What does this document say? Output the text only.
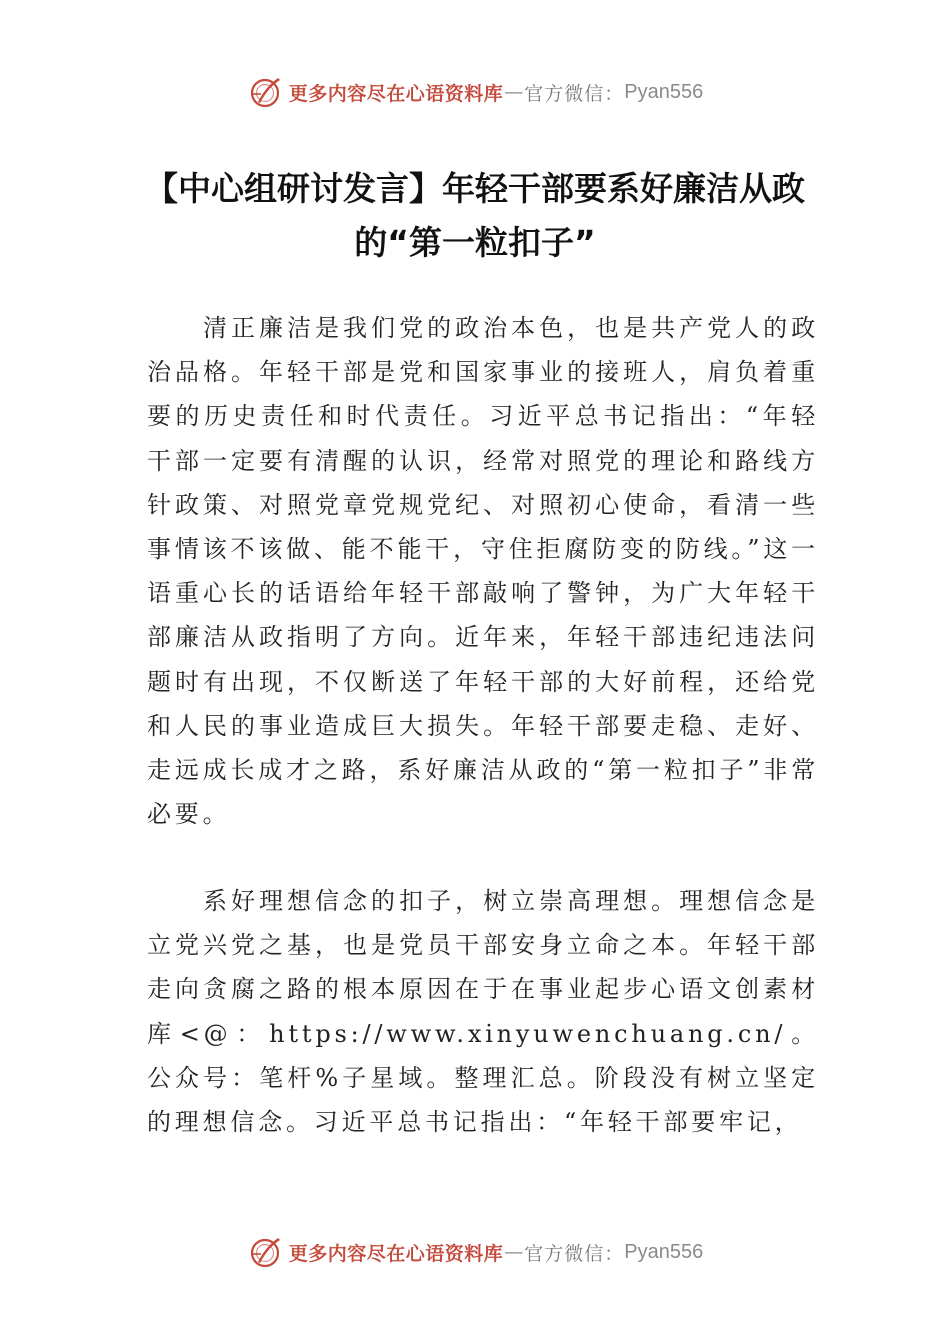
更多内容尽在心语资料库 — 官方微信： Pyan556
【中心组研讨发言】年轻干部要系好廉洁从政的“第一粒扣子”

清正廉洁是我们党的政治本色，也是共产党人的政治品格。年轻干部是党和国家事业的接班人，肩负着重要的历史责任和时代责任。习近平总书记指出：“年轻干部一定要有清醒的认识，经常对照党的理论和路线方针政策、对照党章党规党纪、对照初心使命，看清一些事情该不该做、能不能干，守住拒腐防变的防线。”这一语重心长的话语给年轻干部敲响了警钟，为广大年轻干部廉洁从政指明了方向。近年来，年轻干部违纪违法问题时有出现，不仅断送了年轻干部的大好前程，还给党和人民的事业造成巨大损失。年轻干部要走稳、走好、走远成长成才之路，系好廉洁从政的“第一粒扣子”非常必要。

系好理想信念的扣子，树立崇高理想。理想信念是立党兴党之基，也是党员干部安身立命之本。年轻干部走向贪腐之路的根本原因在于在事业起步心语文创素材库<@：https://www.xinyuwenchuang.cn/。公众号：笔杆%子星域。整理汇总。阶段没有树立坚定的理想信念。习近平总书记指出：“年轻干部要牢记，

更多内容尽在心语资料库 — 官方微信： Pyan556
